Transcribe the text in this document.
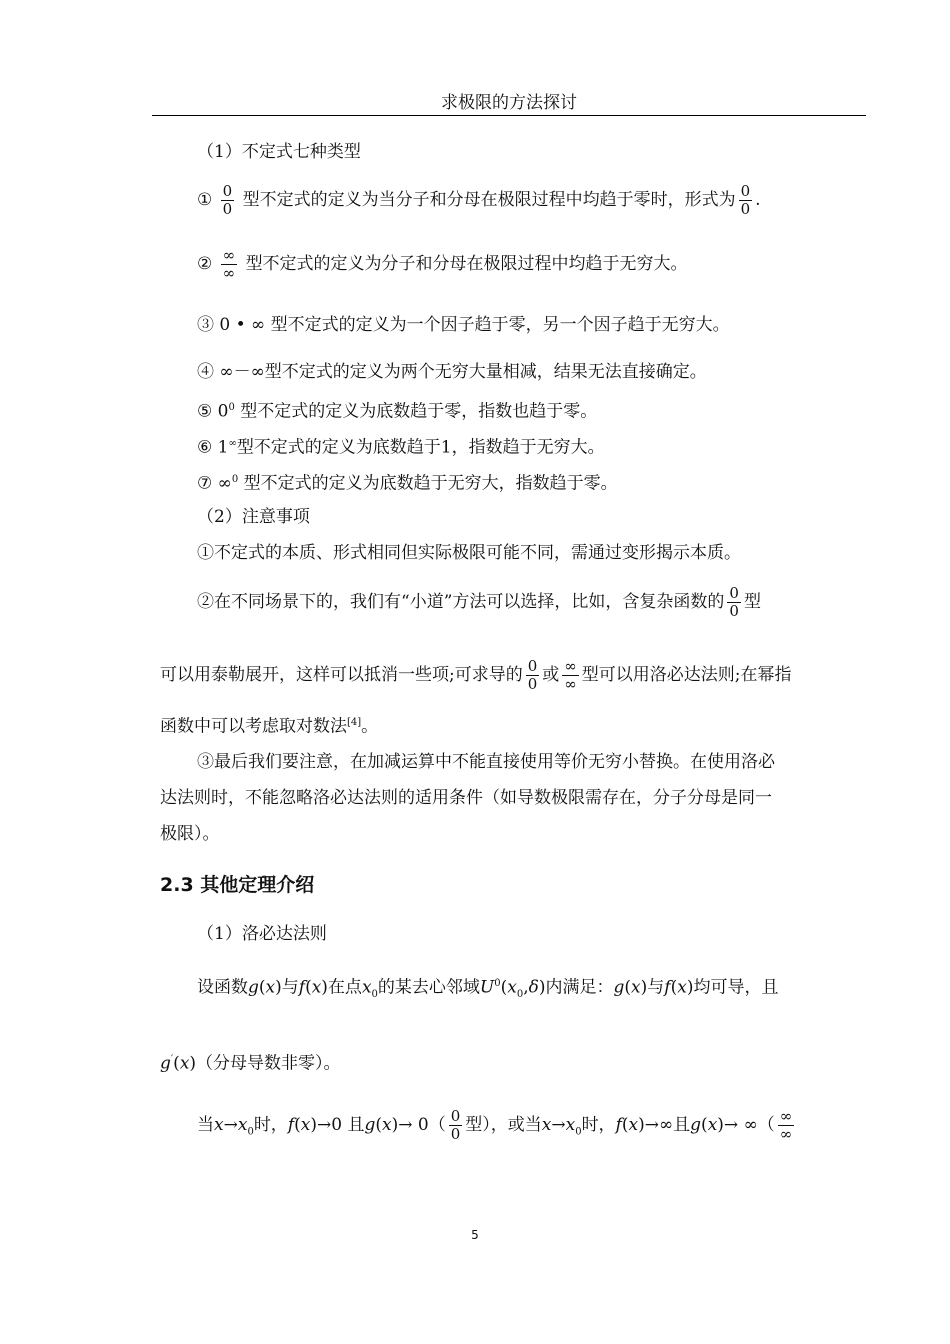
求极限的方法探讨
（1）不定式七种类型
① $\frac{0}{0}$ 型不定式的定义为当分子和分母在极限过程中均趋于零时，形式为 $\frac{0}{0}$ .
② $\frac{\infty}{\infty}$ 型不定式的定义为分子和分母在极限过程中均趋于无穷大。
③ 0 • ∞ 型不定式的定义为一个因子趋于零，另一个因子趋于无穷大。
④ ∞－∞型不定式的定义为两个无穷大量相减，结果无法直接确定。
⑤ $0^0$ 型不定式的定义为底数趋于零，指数也趋于零。
⑥ 1∞型不定式的定义为底数趋于1，指数趋于无穷大。
⑦ ∞$^0$ 型不定式的定义为底数趋于无穷大，指数趋于零。
（2）注意事项
①不定式的本质、形式相同但实际极限可能不同，需通过变形揭示本质。
②在不同场景下的，我们有“小道”方法可以选择，比如，含复杂函数的 $\frac{0}{0}$ 型
可以用泰勒展开，这样可以抵消一些项;可求导的 $\frac{0}{0}$ 或 $\frac{\infty}{\infty}$ 型可以用洛必达法则;在幂指
函数中可以考虑取对数法[4]。
③最后我们要注意，在加减运算中不能直接使用等价无穷小替换。在使用洛必
达法则时，不能忽略洛必达法则的适用条件（如导数极限需存在，分子分母是同一
极限）。
2.3 其他定理介绍
（1）洛必达法则
设函数g(x)与f(x)在点$x_0$的某去心邻域$U^0(x_0,\delta)$内满足：g(x)与f(x)均可导，且
g′(x)（分母导数非零）。
当$x\to x_0$时，f(x)→0 且$g(x)\to 0( \frac{0}{0}$ 型），或当$x\to x_0$时，f(x)→∞且g(x)→ ∞（ $\frac{\infty}{\infty}$
5
